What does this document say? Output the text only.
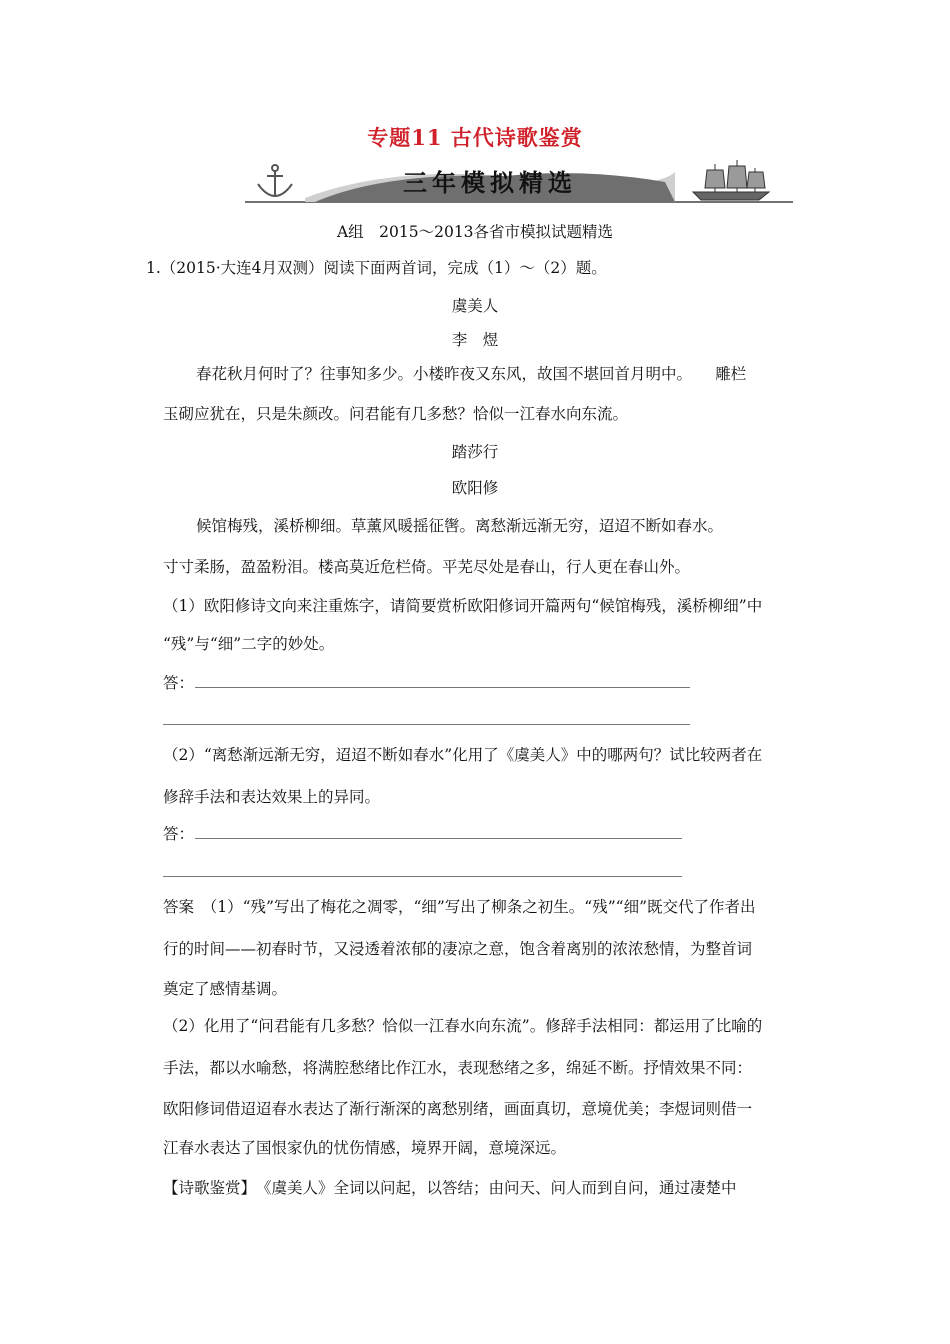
专题11 古代诗歌鉴赏
三年模拟精选
A组　2015～2013各省市模拟试题精选
1.（2015·大连4月双测）阅读下面两首词，完成（1）～（2）题。
虞美人
李　煜
春花秋月何时了？往事知多少。小楼昨夜又东风，故国不堪回首月明中。　　雕栏
玉砌应犹在，只是朱颜改。问君能有几多愁？恰似一江春水向东流。
踏莎行
欧阳修
候馆梅残，溪桥柳细。草薰风暖摇征辔。离愁渐远渐无穷，迢迢不断如春水。
寸寸柔肠，盈盈粉泪。楼高莫近危栏倚。平芜尽处是春山，行人更在春山外。
（1）欧阳修诗文向来注重炼字，请简要赏析欧阳修词开篇两句“候馆梅残，溪桥柳细”中
“残”与“细”二字的妙处。
答：
（2）“离愁渐远渐无穷，迢迢不断如春水”化用了《虞美人》中的哪两句？试比较两者在
修辞手法和表达效果上的异同。
答：
答案　（1）“残”写出了梅花之凋零，“细”写出了柳条之初生。“残”“细”既交代了作者出
行的时间——初春时节，又浸透着浓郁的凄凉之意，饱含着离别的浓浓愁情，为整首词
奠定了感情基调。
（2）化用了“问君能有几多愁？恰似一江春水向东流”。修辞手法相同：都运用了比喻的
手法，都以水喻愁，将满腔愁绪比作江水，表现愁绪之多，绵延不断。抒情效果不同：
欧阳修词借迢迢春水表达了渐行渐深的离愁别绪，画面真切，意境优美；李煜词则借一
江春水表达了国恨家仇的忧伤情感，境界开阔，意境深远。
【诗歌鉴赏】　《虞美人》全词以问起，以答结；由问天、问人而到自问，通过凄楚中
